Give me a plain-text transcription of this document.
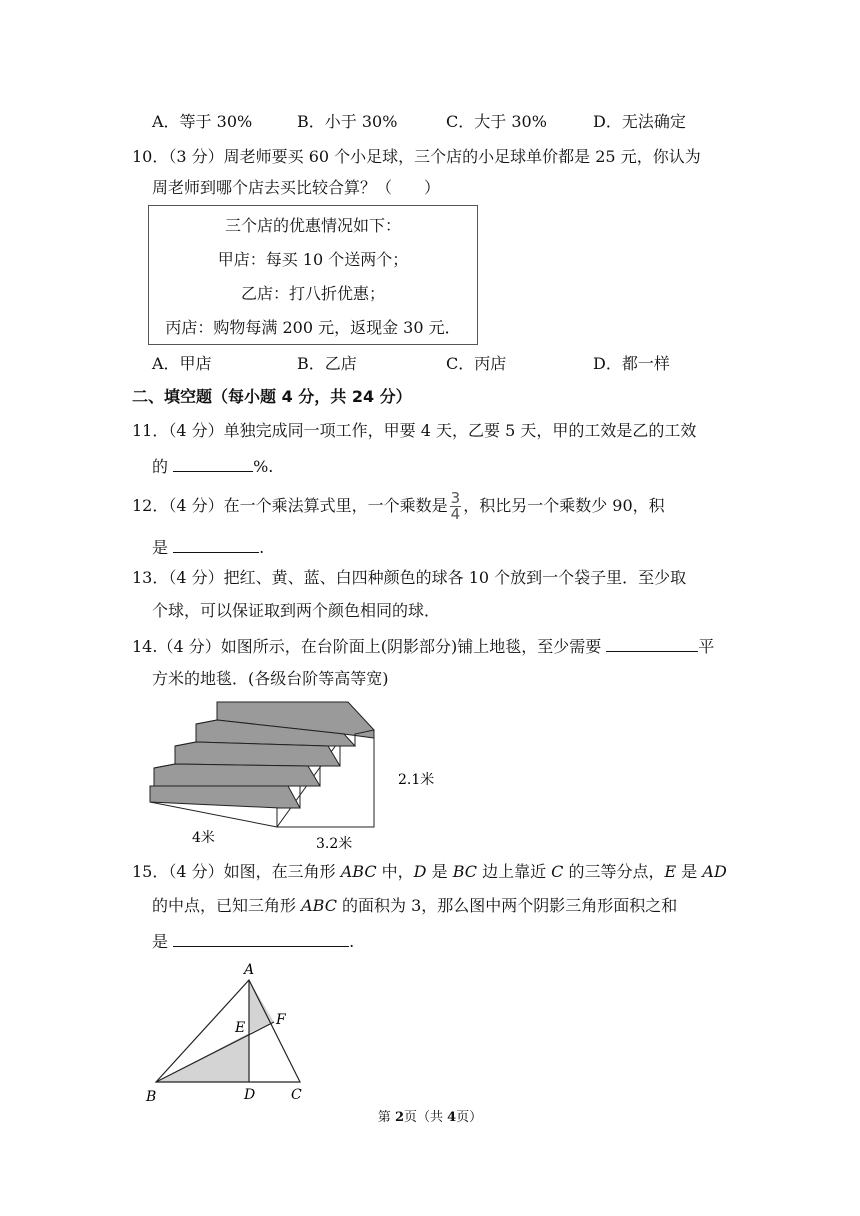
A．等于 30%	B．小于 30%	C．大于 30%	D．无法确定
10．（3 分）周老师要买 60 个小足球，三个店的小足球单价都是 25 元，你认为
周老师到哪个店去买比较合算？（　　）
三个店的优惠情况如下：
甲店：每买 10 个送两个；
乙店：打八折优惠；
丙店：购物每满 200 元，返现金 30 元．
A．甲店	B．乙店	C．丙店	D．都一样
二、填空题（每小题 4 分，共 24 分）
11．（4 分）单独完成同一项工作，甲要 4 天，乙要 5 天，甲的工效是乙的工效
的	%.
12．（4 分）在一个乘法算式里，一个乘数是 $\frac{3}{4}$ ，积比另一个乘数少 90，积
是	.
13．（4 分）把红、黄、蓝、白四种颜色的球各 10 个放到一个袋子里．至少取
个球，可以保证取到两个颜色相同的球．
14.（4 分）如图所示，在台阶面上(阴影部分)铺上地毯，至少需要	平
方米的地毯．(各级台阶等高等宽)
2.1米
4米	3.2米
15．（4 分）如图，在三角形 ABC 中，D 是 BC 边上靠近 C 的三等分点，E 是 AD
的中点，已知三角形 ABC 的面积为 3，那么图中两个阴影三角形面积之和
是	.
A
B	C
D
E F
第 2页（共 4页）
